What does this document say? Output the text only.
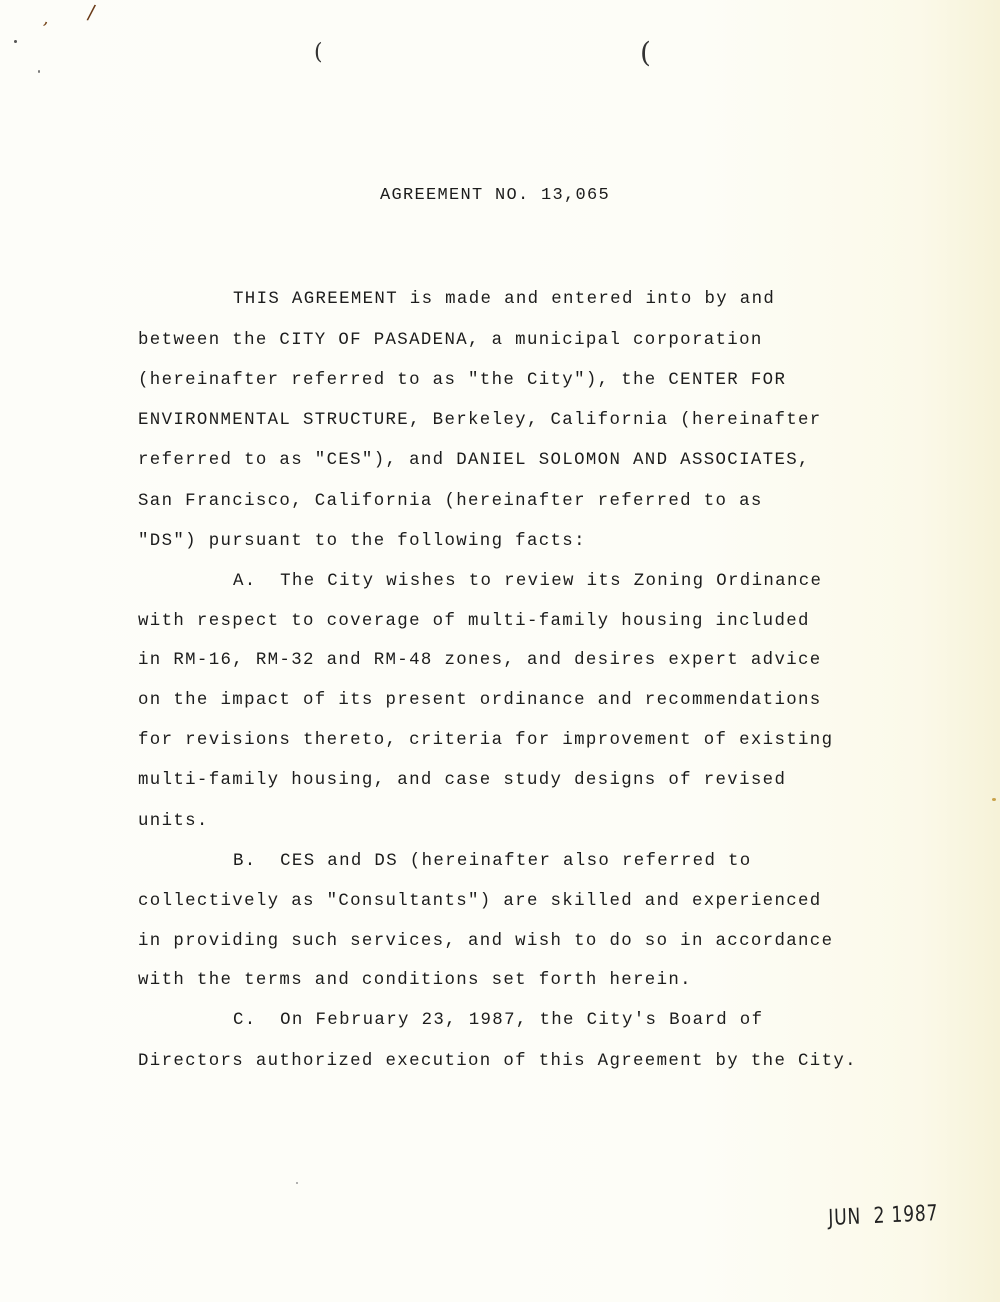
, /
(	(
AGREEMENT NO. 13,065
THIS AGREEMENT is made and entered into by and
between the CITY OF PASADENA, a municipal corporation
(hereinafter referred to as "the City"), the CENTER FOR
ENVIRONMENTAL STRUCTURE, Berkeley, California (hereinafter
referred to as "CES"), and DANIEL SOLOMON AND ASSOCIATES,
San Francisco, California (hereinafter referred to as
"DS") pursuant to the following facts:
A.  The City wishes to review its Zoning Ordinance
with respect to coverage of multi-family housing included
in RM-16, RM-32 and RM-48 zones, and desires expert advice
on the impact of its present ordinance and recommendations
for revisions thereto, criteria for improvement of existing
multi-family housing, and case study designs of revised
units.
B.  CES and DS (hereinafter also referred to
collectively as "Consultants") are skilled and experienced
in providing such services, and wish to do so in accordance
with the terms and conditions set forth herein.
C.  On February 23, 1987, the City's Board of
Directors authorized execution of this Agreement by the City.
JUN  2 1987
